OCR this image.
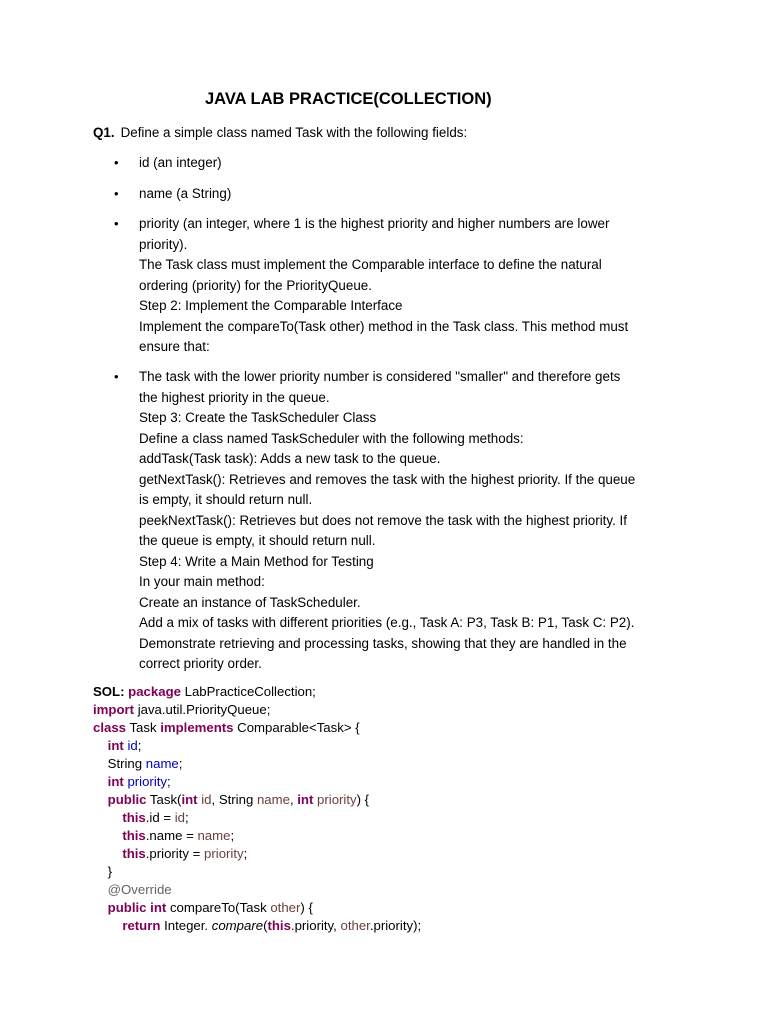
JAVA LAB PRACTICE(COLLECTION)
Q1. Define a simple class named Task with the following fields:
• id (an integer)
• name (a String)
• priority (an integer, where 1 is the highest priority and higher numbers are lower
priority).
The Task class must implement the Comparable interface to define the natural
ordering (priority) for the PriorityQueue.
Step 2: Implement the Comparable Interface
Implement the compareTo(Task other) method in the Task class. This method must
ensure that:
• The task with the lower priority number is considered "smaller" and therefore gets
the highest priority in the queue.
Step 3: Create the TaskScheduler Class
Define a class named TaskScheduler with the following methods:
addTask(Task task): Adds a new task to the queue.
getNextTask(): Retrieves and removes the task with the highest priority. If the queue
is empty, it should return null.
peekNextTask(): Retrieves but does not remove the task with the highest priority. If
the queue is empty, it should return null.
Step 4: Write a Main Method for Testing
In your main method:
Create an instance of TaskScheduler.
Add a mix of tasks with different priorities (e.g., Task A: P3, Task B: P1, Task C: P2).
Demonstrate retrieving and processing tasks, showing that they are handled in the
correct priority order.
SOL: package LabPracticeCollection;
import java.util.PriorityQueue;
class Task implements Comparable<Task> {
int id;
String name;
int priority;
public Task(int id, String name, int priority) {
this.id = id;
this.name = name;
this.priority = priority;
}
@Override
public int compareTo(Task other) {
return Integer. compare(this.priority, other.priority);
